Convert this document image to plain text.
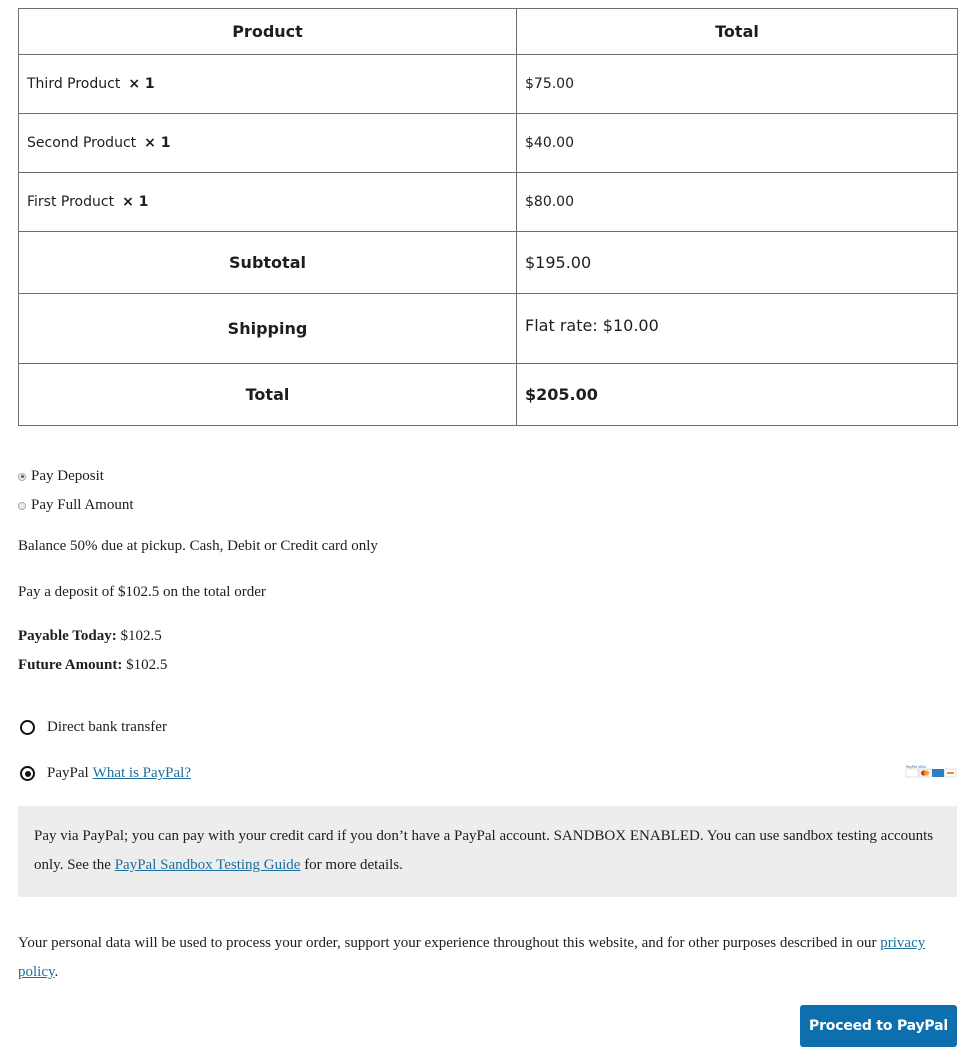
Product	Total
Third Product × 1	$75.00
Second Product × 1	$40.00
First Product × 1	$80.00
Subtotal	$195.00
Shipping	Flat rate: $10.00
Total	$205.00
Pay Deposit
Pay Full Amount
Balance 50% due at pickup. Cash, Debit or Credit card only
Pay a deposit of $102.5 on the total order
Payable Today: $102.5
Future Amount: $102.5
Direct bank transfer
PayPal What is PayPal?	PayPal VISA
Pay via PayPal; you can pay with your credit card if you don’t have a PayPal account. SANDBOX ENABLED. You can use sandbox testing accounts only. See the PayPal Sandbox Testing Guide for more details.
Your personal data will be used to process your order, support your experience throughout this website, and for other purposes described in our privacy policy.
Proceed to PayPal
